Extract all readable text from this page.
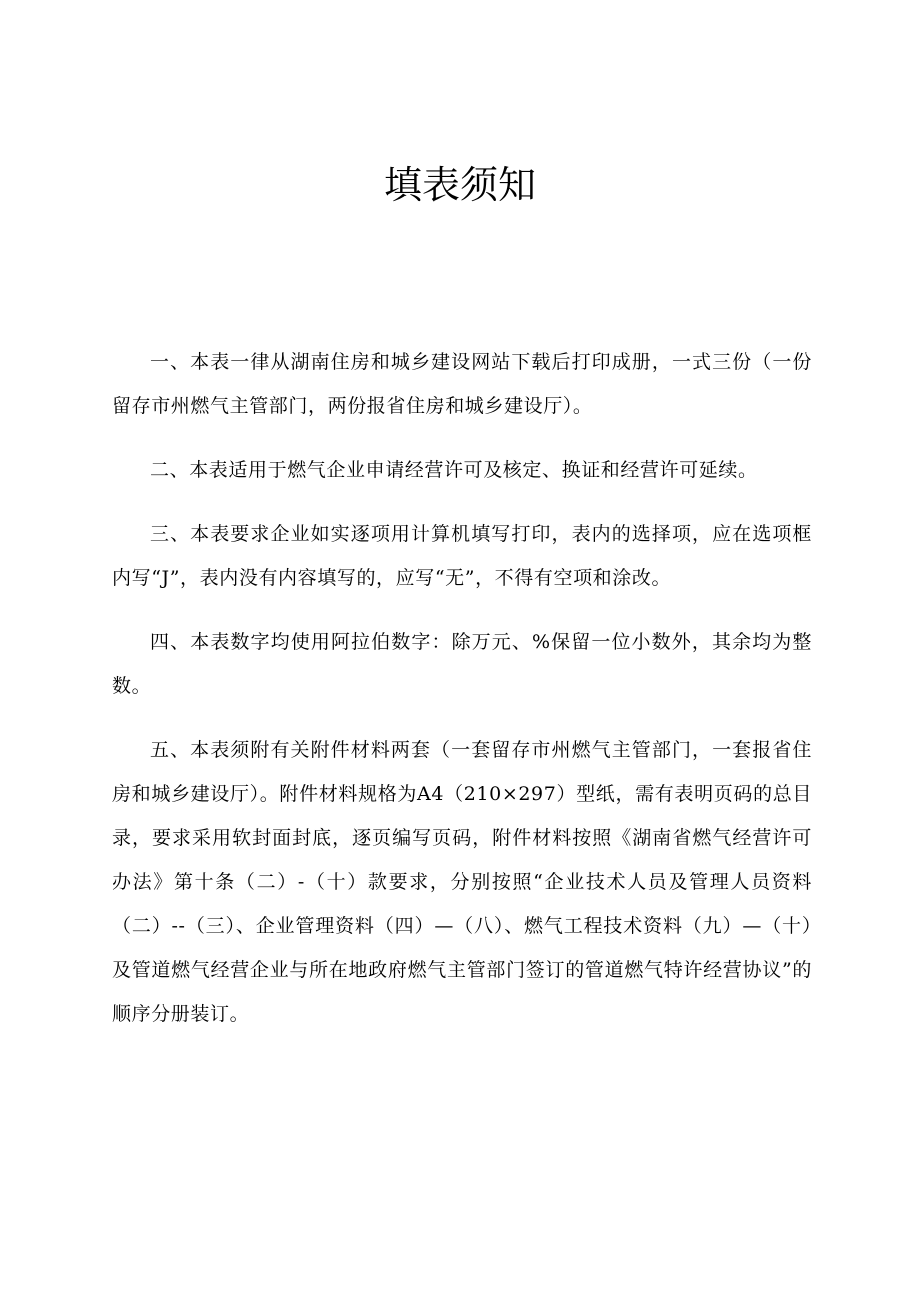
填表须知

一、本表一律从湖南住房和城乡建设网站下载后打印成册，一式三份（一份留存市州燃气主管部门，两份报省住房和城乡建设厅）。

二、本表适用于燃气企业申请经营许可及核定、换证和经营许可延续。

三、本表要求企业如实逐项用计算机填写打印，表内的选择项，应在选项框内写“J”，表内没有内容填写的，应写“无”，不得有空项和涂改。

四、本表数字均使用阿拉伯数字：除万元、%保留一位小数外，其余均为整数。

五、本表须附有关附件材料两套（一套留存市州燃气主管部门，一套报省住房和城乡建设厅）。附件材料规格为A4（210×297）型纸，需有表明页码的总目录，要求采用软封面封底，逐页编写页码，附件材料按照《湖南省燃气经营许可办法》第十条（二）-（十）款要求，分别按照“企业技术人员及管理人员资料（二）--（三）、企业管理资料（四）—（八）、燃气工程技术资料（九）—（十）及管道燃气经营企业与所在地政府燃气主管部门签订的管道燃气特许经营协议”的顺序分册装订。
